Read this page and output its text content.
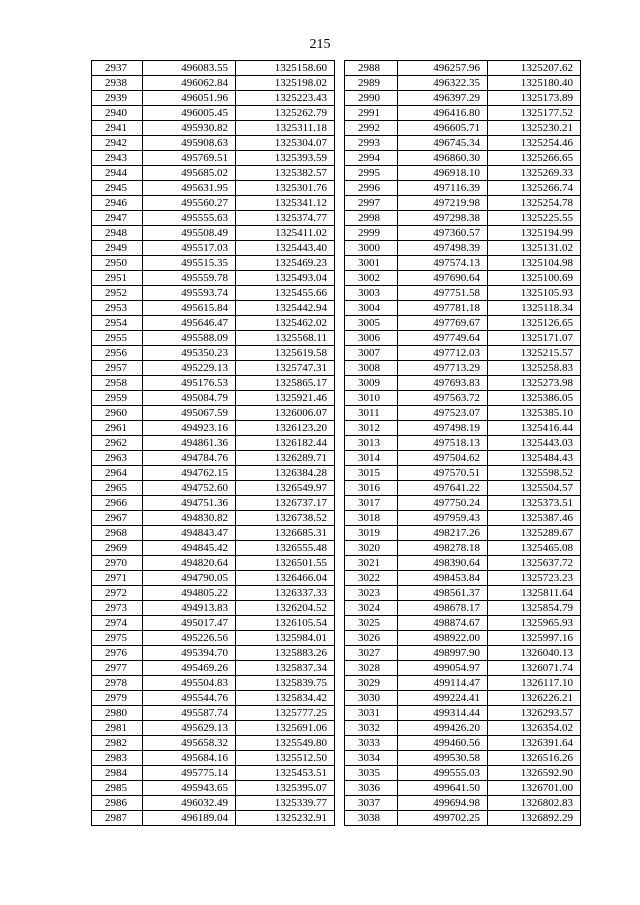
215
2937	496083.55	1325158.60
2938	496062.84	1325198.02
2939	496051.96	1325223.43
2940	496005.45	1325262.79
2941	495930.82	1325311.18
2942	495908.63	1325304.07
2943	495769.51	1325393.59
2944	495685.02	1325382.57
2945	495631.95	1325301.76
2946	495560.27	1325341.12
2947	495555.63	1325374.77
2948	495508.49	1325411.02
2949	495517.03	1325443.40
2950	495515.35	1325469.23
2951	495559.78	1325493.04
2952	495593.74	1325455.66
2953	495615.84	1325442.94
2954	495646.47	1325462.02
2955	495588.09	1325568.11
2956	495350.23	1325619.58
2957	495229.13	1325747.31
2958	495176.53	1325865.17
2959	495084.79	1325921.46
2960	495067.59	1326006.07
2961	494923.16	1326123.20
2962	494861.36	1326182.44
2963	494784.76	1326289.71
2964	494762.15	1326384.28
2965	494752.60	1326549.97
2966	494751.36	1326737.17
2967	494830.82	1326738.52
2968	494843.47	1326685.31
2969	494845.42	1326555.48
2970	494820.64	1326501.55
2971	494790.05	1326466.04
2972	494805.22	1326337.33
2973	494913.83	1326204.52
2974	495017.47	1326105.54
2975	495226.56	1325984.01
2976	495394.70	1325883.26
2977	495469.26	1325837.34
2978	495504.83	1325839.75
2979	495544.76	1325834.42
2980	495587.74	1325777.25
2981	495629.13	1325691.06
2982	495658.32	1325549.80
2983	495684.16	1325512.50
2984	495775.14	1325453.51
2985	495943.65	1325395.07
2986	496032.49	1325339.77
2987	496189.04	1325232.91
2988	496257.96	1325207.62
2989	496322.35	1325180.40
2990	496397.29	1325173.89
2991	496416.80	1325177.52
2992	496605.71	1325230.21
2993	496745.34	1325254.46
2994	496860.30	1325266.65
2995	496918.10	1325269.33
2996	497116.39	1325266.74
2997	497219.98	1325254.78
2998	497298.38	1325225.55
2999	497360.57	1325194.99
3000	497498.39	1325131.02
3001	497574.13	1325104.98
3002	497690.64	1325100.69
3003	497751.58	1325105.93
3004	497781.18	1325118.34
3005	497769.67	1325126.65
3006	497749.64	1325171.07
3007	497712.03	1325215.57
3008	497713.29	1325258.83
3009	497693.83	1325273.98
3010	497563.72	1325386.05
3011	497523.07	1325385.10
3012	497498.19	1325416.44
3013	497518.13	1325443.03
3014	497504.62	1325484.43
3015	497570.51	1325598.52
3016	497641.22	1325504.57
3017	497750.24	1325373.51
3018	497959.43	1325387.46
3019	498217.26	1325289.67
3020	498278.18	1325465.08
3021	498390.64	1325637.72
3022	498453.84	1325723.23
3023	498561.37	1325811.64
3024	498678.17	1325854.79
3025	498874.67	1325965.93
3026	498922.00	1325997.16
3027	498997.90	1326040.13
3028	499054.97	1326071.74
3029	499114.47	1326117.10
3030	499224.41	1326226.21
3031	499314.44	1326293.57
3032	499426.20	1326354.02
3033	499460.56	1326391.64
3034	499530.58	1326516.26
3035	499555.03	1326592.90
3036	499641.50	1326701.00
3037	499694.98	1326802.83
3038	499702.25	1326892.29
